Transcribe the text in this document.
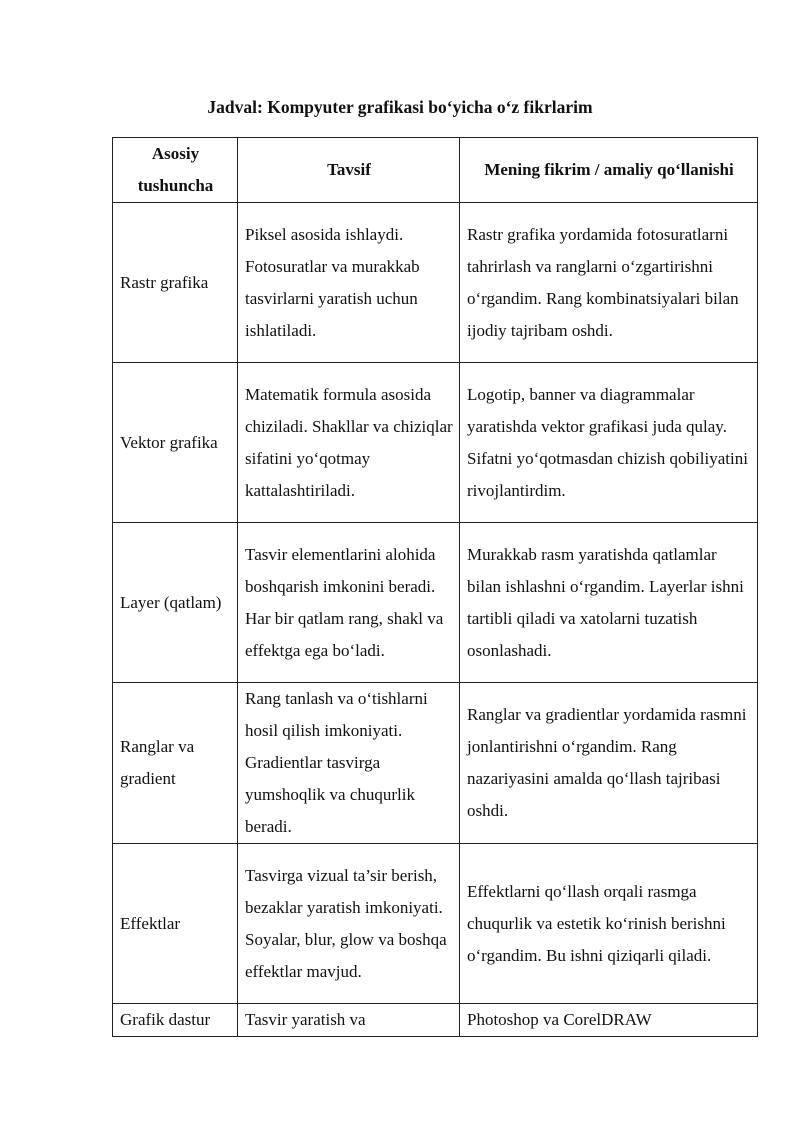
Jadval: Kompyuter grafikasi bo‘yicha o‘z fikrlarim
Asosiy tushuncha	Tavsif	Mening fikrim / amaliy qo‘llanishi
Rastr grafika	Piksel asosida ishlaydi. Fotosuratlar va murakkab tasvirlarni yaratish uchun ishlatiladi.	Rastr grafika yordamida fotosuratlarni tahrirlash va ranglarni o‘zgartirishni o‘rgandim. Rang kombinatsiyalari bilan ijodiy tajribam oshdi.
Vektor grafika	Matematik formula asosida chiziladi. Shakllar va chiziqlar sifatini yo‘qotmay kattalashtiriladi.	Logotip, banner va diagrammalar yaratishda vektor grafikasi juda qulay. Sifatni yo‘qotmasdan chizish qobiliyatini rivojlantirdim.
Layer (qatlam)	Tasvir elementlarini alohida boshqarish imkonini beradi. Har bir qatlam rang, shakl va effektga ega bo‘ladi.	Murakkab rasm yaratishda qatlamlar bilan ishlashni o‘rgandim. Layerlar ishni tartibli qiladi va xatolarni tuzatish osonlashadi.
Ranglar va gradient	Rang tanlash va o‘tishlarni hosil qilish imkoniyati. Gradientlar tasvirga yumshoqlik va chuqurlik beradi.	Ranglar va gradientlar yordamida rasmni jonlantirishni o‘rgandim. Rang nazariyasini amalda qo‘llash tajribasi oshdi.
Effektlar	Tasvirga vizual ta’sir berish, bezaklar yaratish imkoniyati. Soyalar, blur, glow va boshqa effektlar mavjud.	Effektlarni qo‘llash orqali rasmga chuqurlik va estetik ko‘rinish berishni o‘rgandim. Bu ishni qiziqarli qiladi.
Grafik dastur	Tasvir yaratish va	Photoshop va CorelDRAW
